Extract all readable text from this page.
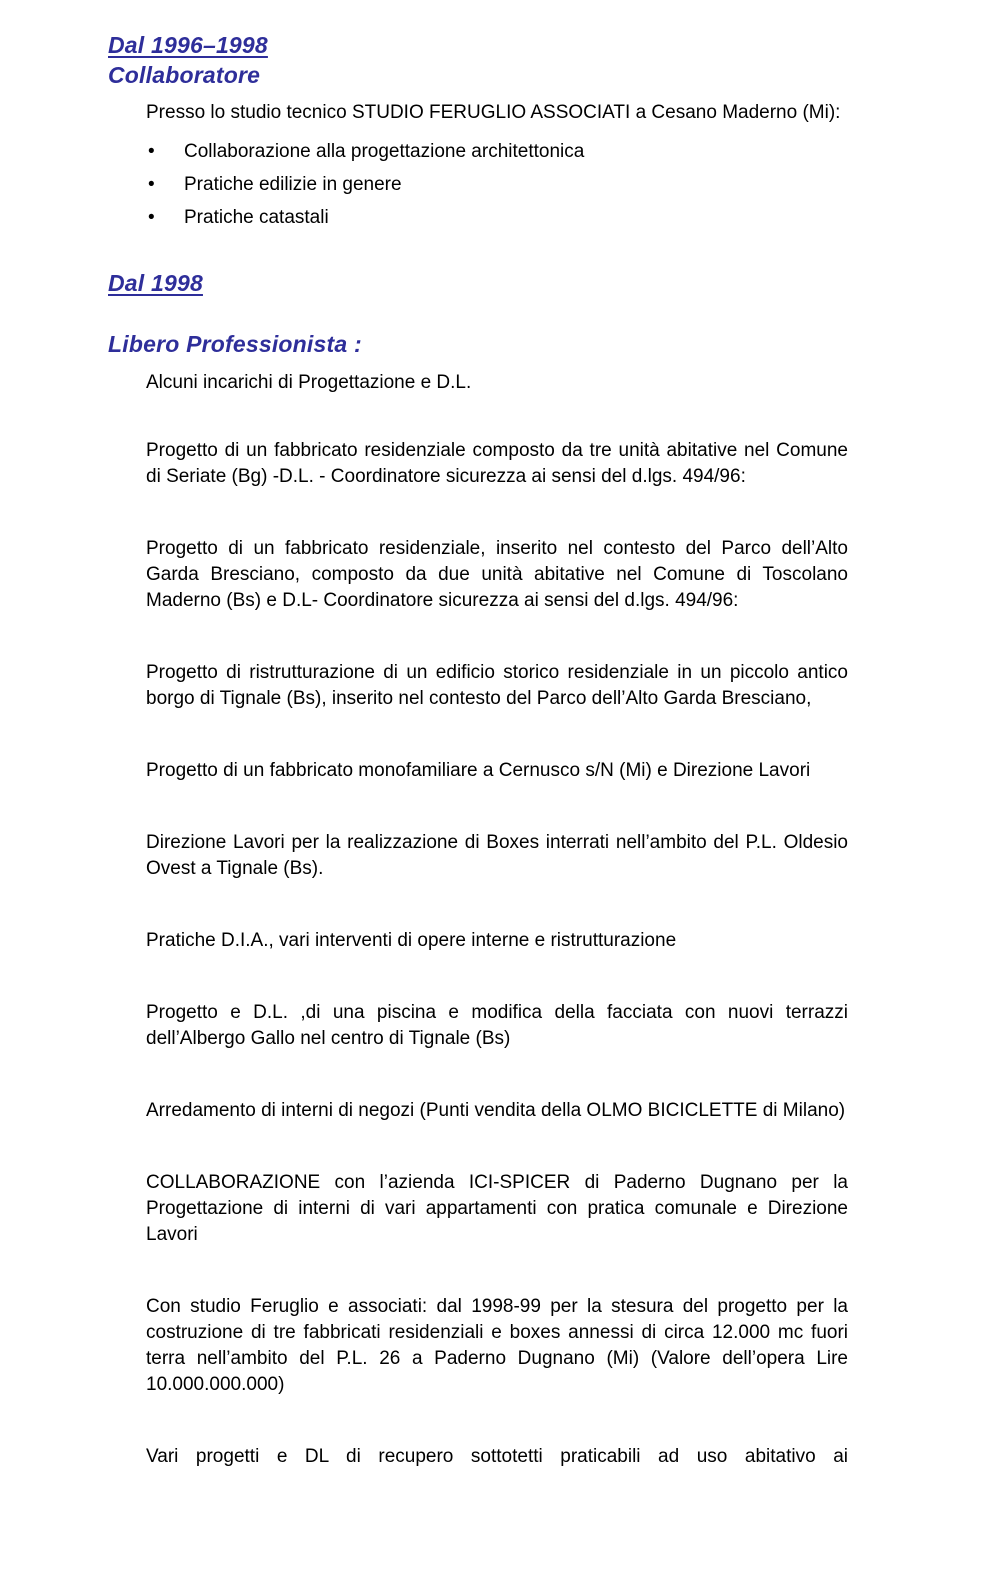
Dal 1996–1998
Collaboratore

Presso lo studio tecnico STUDIO FERUGLIO ASSOCIATI a Cesano Maderno (Mi):

• Collaborazione alla progettazione architettonica
• Pratiche edilizie in genere
• Pratiche catastali
Dal 1998
Libero Professionista :

Alcuni incarichi di Progettazione e D.L.

Progetto di un fabbricato residenziale composto da tre unità abitative nel Comune di Seriate (Bg) -D.L. - Coordinatore sicurezza ai sensi del d.lgs. 494/96:

Progetto di un fabbricato residenziale, inserito nel contesto del Parco dell’Alto Garda Bresciano, composto da due unità abitative nel Comune di Toscolano Maderno (Bs) e D.L- Coordinatore sicurezza ai sensi del d.lgs. 494/96:

Progetto di ristrutturazione di un edificio storico residenziale in un piccolo antico borgo di Tignale (Bs), inserito nel contesto del Parco dell’Alto Garda Bresciano,

Progetto di un fabbricato monofamiliare a Cernusco s/N (Mi) e Direzione Lavori

Direzione Lavori per la realizzazione di Boxes interrati nell’ambito del P.L. Oldesio Ovest a Tignale (Bs).

Pratiche D.I.A., vari interventi di opere interne e ristrutturazione

Progetto e D.L. ,di una piscina e modifica della facciata con nuovi terrazzi dell’Albergo Gallo nel centro di Tignale (Bs)

Arredamento di interni di negozi (Punti vendita della OLMO BICICLETTE di Milano)

COLLABORAZIONE con l’azienda ICI-SPICER di Paderno Dugnano per la Progettazione di interni di vari appartamenti con pratica comunale e Direzione Lavori

Con studio Feruglio e associati: dal 1998-99 per la stesura del progetto per la costruzione di tre fabbricati residenziali e boxes annessi di circa 12.000 mc fuori terra nell’ambito del P.L. 26 a Paderno Dugnano (Mi) (Valore dell’opera Lire 10.000.000.000)

Vari progetti e DL di recupero sottotetti praticabili ad uso abitativo ai
